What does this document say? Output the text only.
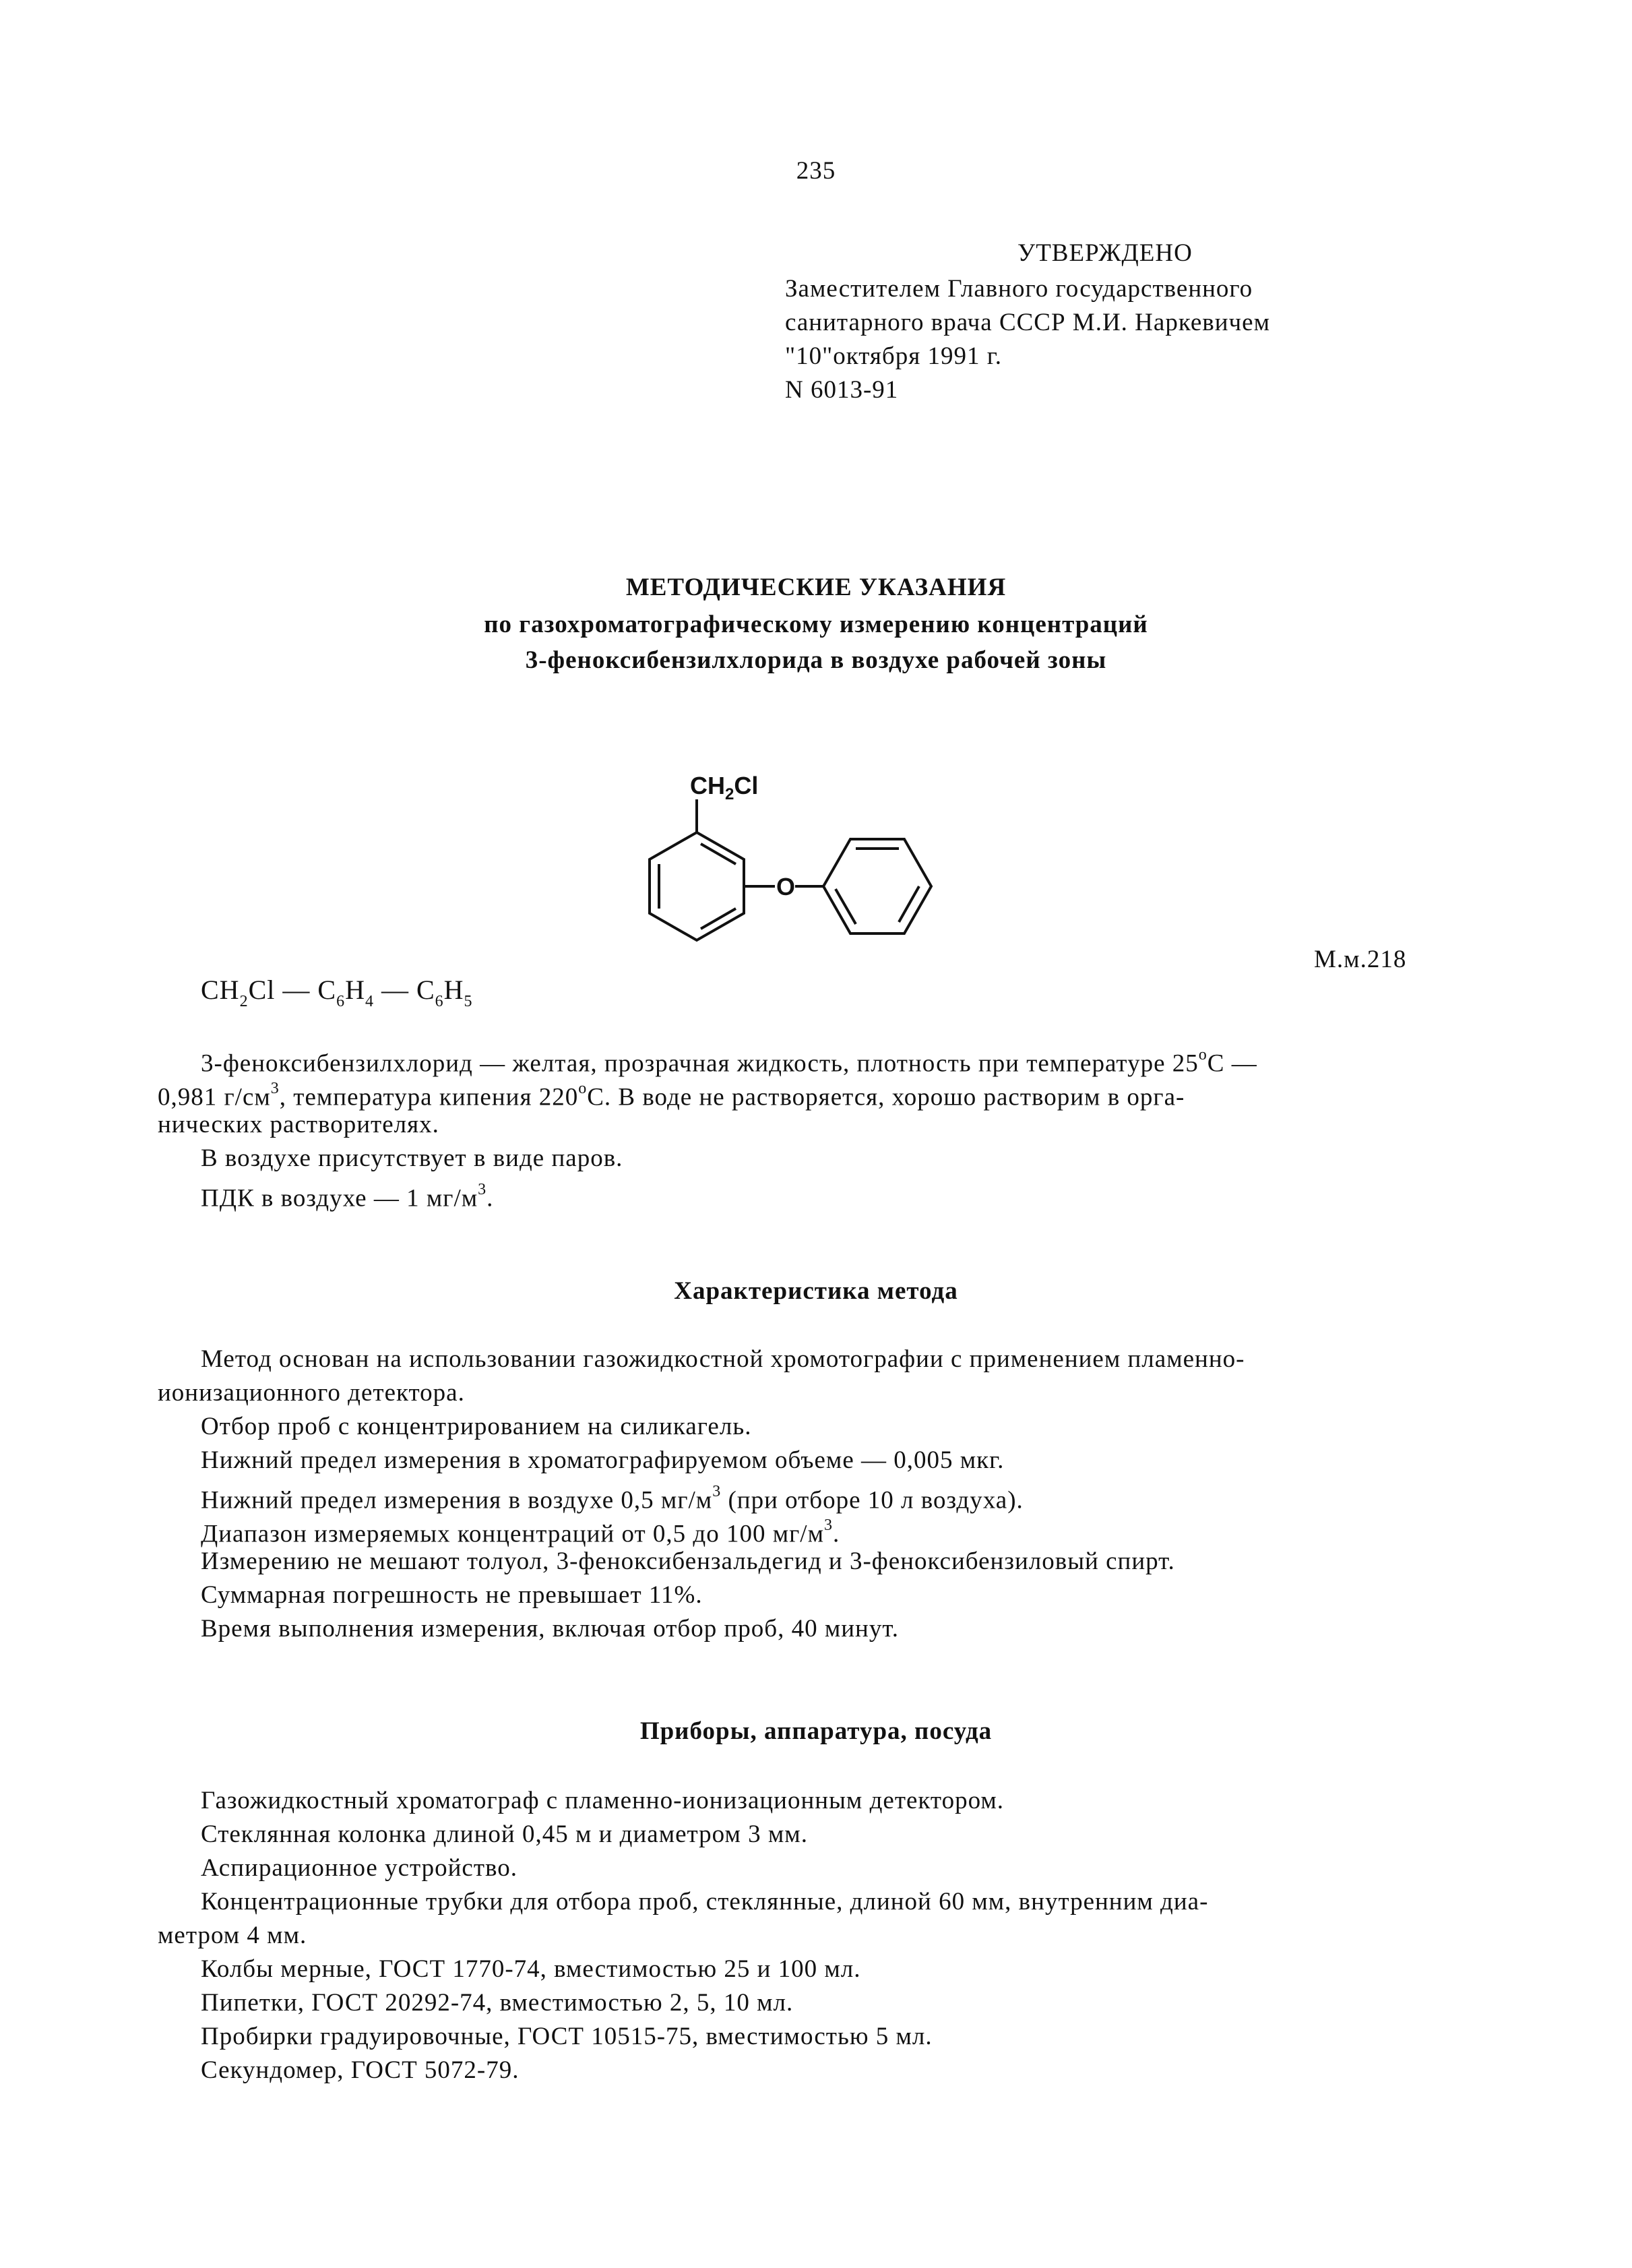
235
УТВЕРЖДЕНО
Заместителем Главного государственного
санитарного врача СССР М.И. Наркевичем
"10"октября 1991 г.
N 6013-91
МЕТОДИЧЕСКИЕ УКАЗАНИЯ
по газохроматографическому измерению концентраций
3-феноксибензилхлорида в воздухе рабочей зоны
$CH_2Cl$
O
$CH_2Cl$ — $C_6H_4$ — $C_6H_5$
М.м.218
3-феноксибензилхлорид — желтая, прозрачная жидкость, плотность при температуре $25^оС$ —
0,981 $г/см^3$, температура кипения $220^оС$. В воде не растворяется, хорошо растворим в орга-
нических растворителях.
В воздухе присутствует в виде паров.
ПДК в воздухе — 1 $мг/м^3$.
Характеристика метода
Метод основан на использовании газожидкостной хромотографии с применением пламенно-
ионизационного детектора.
Отбор проб с концентрированием на силикагель.
Нижний предел измерения в хроматографируемом объеме — 0,005 мкг.
Нижний предел измерения в воздухе 0,5 $мг/м^3$ (при отборе 10 л воздуха).
Диапазон измеряемых концентраций от 0,5 до 100 $мг/м^3$.
Измерению не мешают толуол, 3-феноксибензальдегид и 3-феноксибензиловый спирт.
Суммарная погрешность не превышает 11%.
Время выполнения измерения, включая отбор проб, 40 минут.
Приборы, аппаратура, посуда
Газожидкостный хроматограф с пламенно-ионизационным детектором.
Стеклянная колонка длиной 0,45 м и диаметром 3 мм.
Аспирационное устройство.
Концентрационные трубки для отбора проб, стеклянные, длиной 60 мм, внутренним диа-
метром 4 мм.
Колбы мерные, ГОСТ 1770-74, вместимостью 25 и 100 мл.
Пипетки, ГОСТ 20292-74, вместимостью 2, 5, 10 мл.
Пробирки градуировочные, ГОСТ 10515-75, вместимостью 5 мл.
Секундомер, ГОСТ 5072-79.
